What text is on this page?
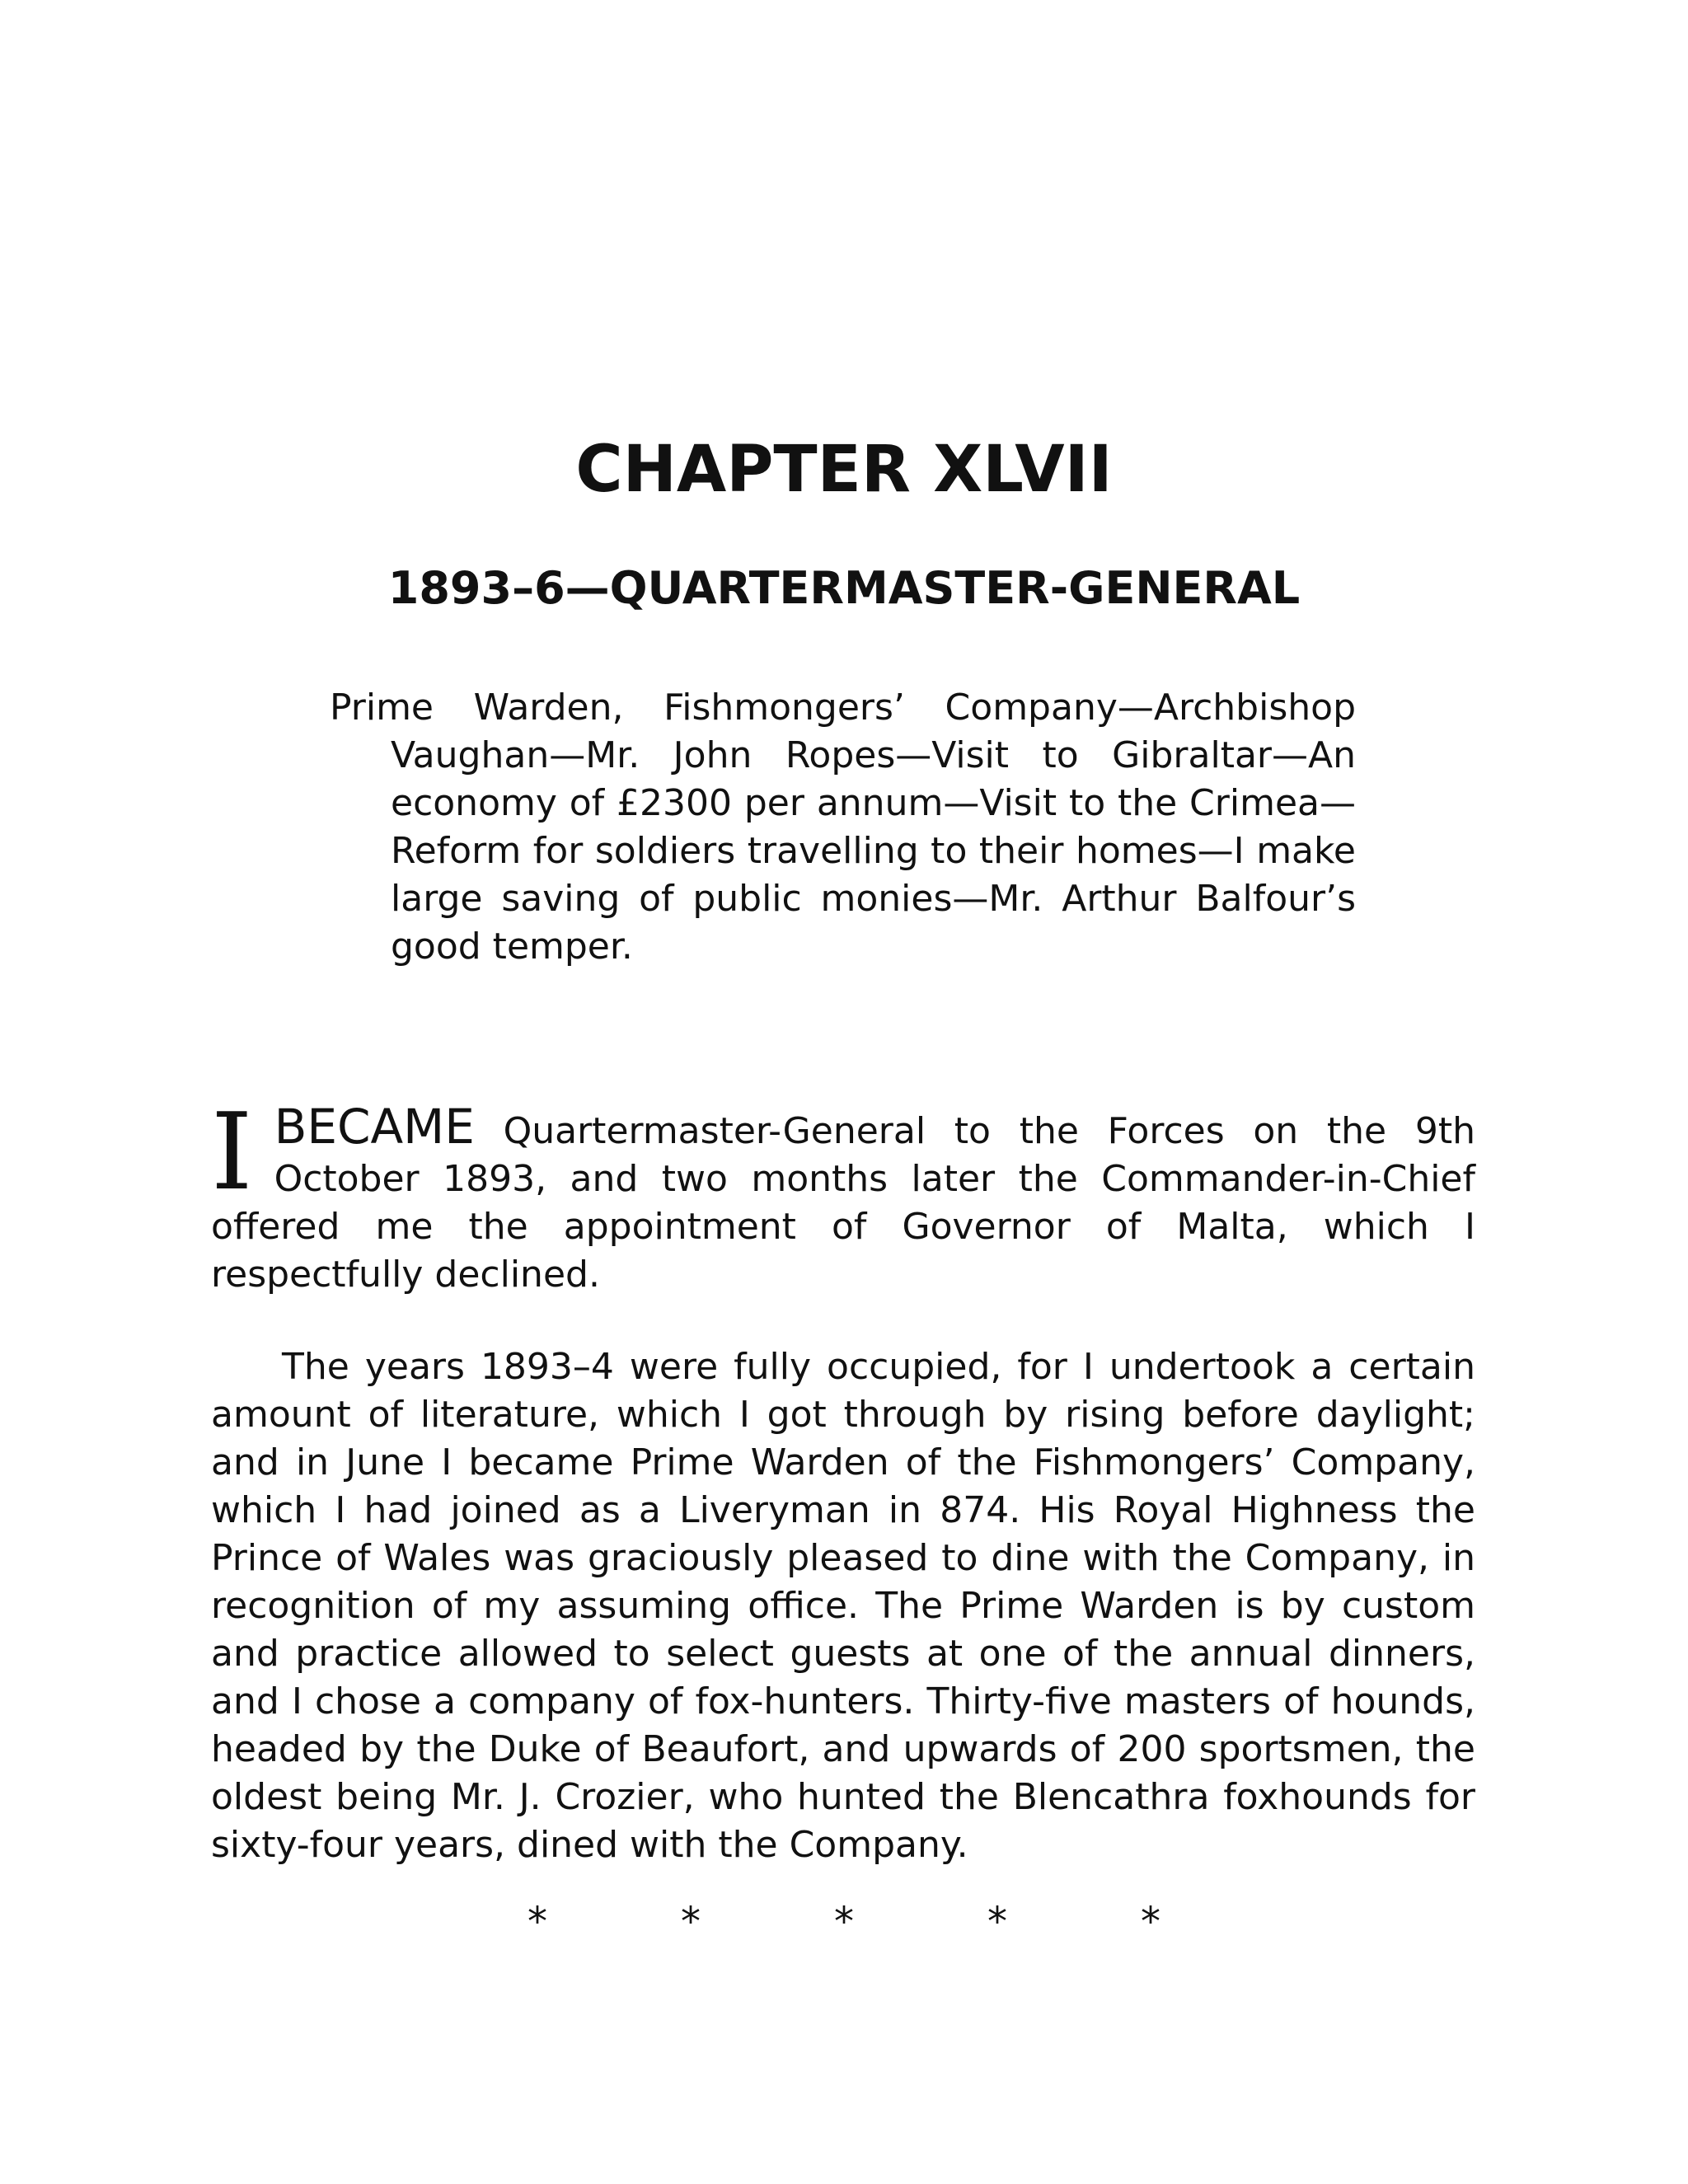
CHAPTER XLVII
1893–6—QUARTERMASTER-GENERAL

Prime Warden, Fishmongers’ Company—Archbishop Vaughan—Mr. John Ropes—Visit to Gibraltar—An economy of £2300 per annum—Visit to the Crimea—Reform for soldiers travelling to their homes—I make large saving of public monies—Mr. Arthur Balfour’s good temper.

IBECAME Quartermaster-General to the Forces on the 9th October 1893, and two months later the Commander-in-Chief offered me the appointment of Governor of Malta, which I respectfully declined.

The years 1893–4 were fully occupied, for I undertook a certain amount of literature, which I got through by rising before daylight; and in June I became Prime Warden of the Fishmongers’ Company, which I had joined as a Liveryman in 874. His Royal Highness the Prince of Wales was graciously pleased to dine with the Company, in recognition of my assuming office. The Prime Warden is by custom and practice allowed to select guests at one of the annual dinners, and I chose a company of fox-hunters. Thirty-five masters of hounds, headed by the Duke of Beaufort, and upwards of 200 sportsmen, the oldest being Mr. J. Crozier, who hunted the Blencathra foxhounds for sixty-four years, dined with the Company.

*	*	*	*	*
